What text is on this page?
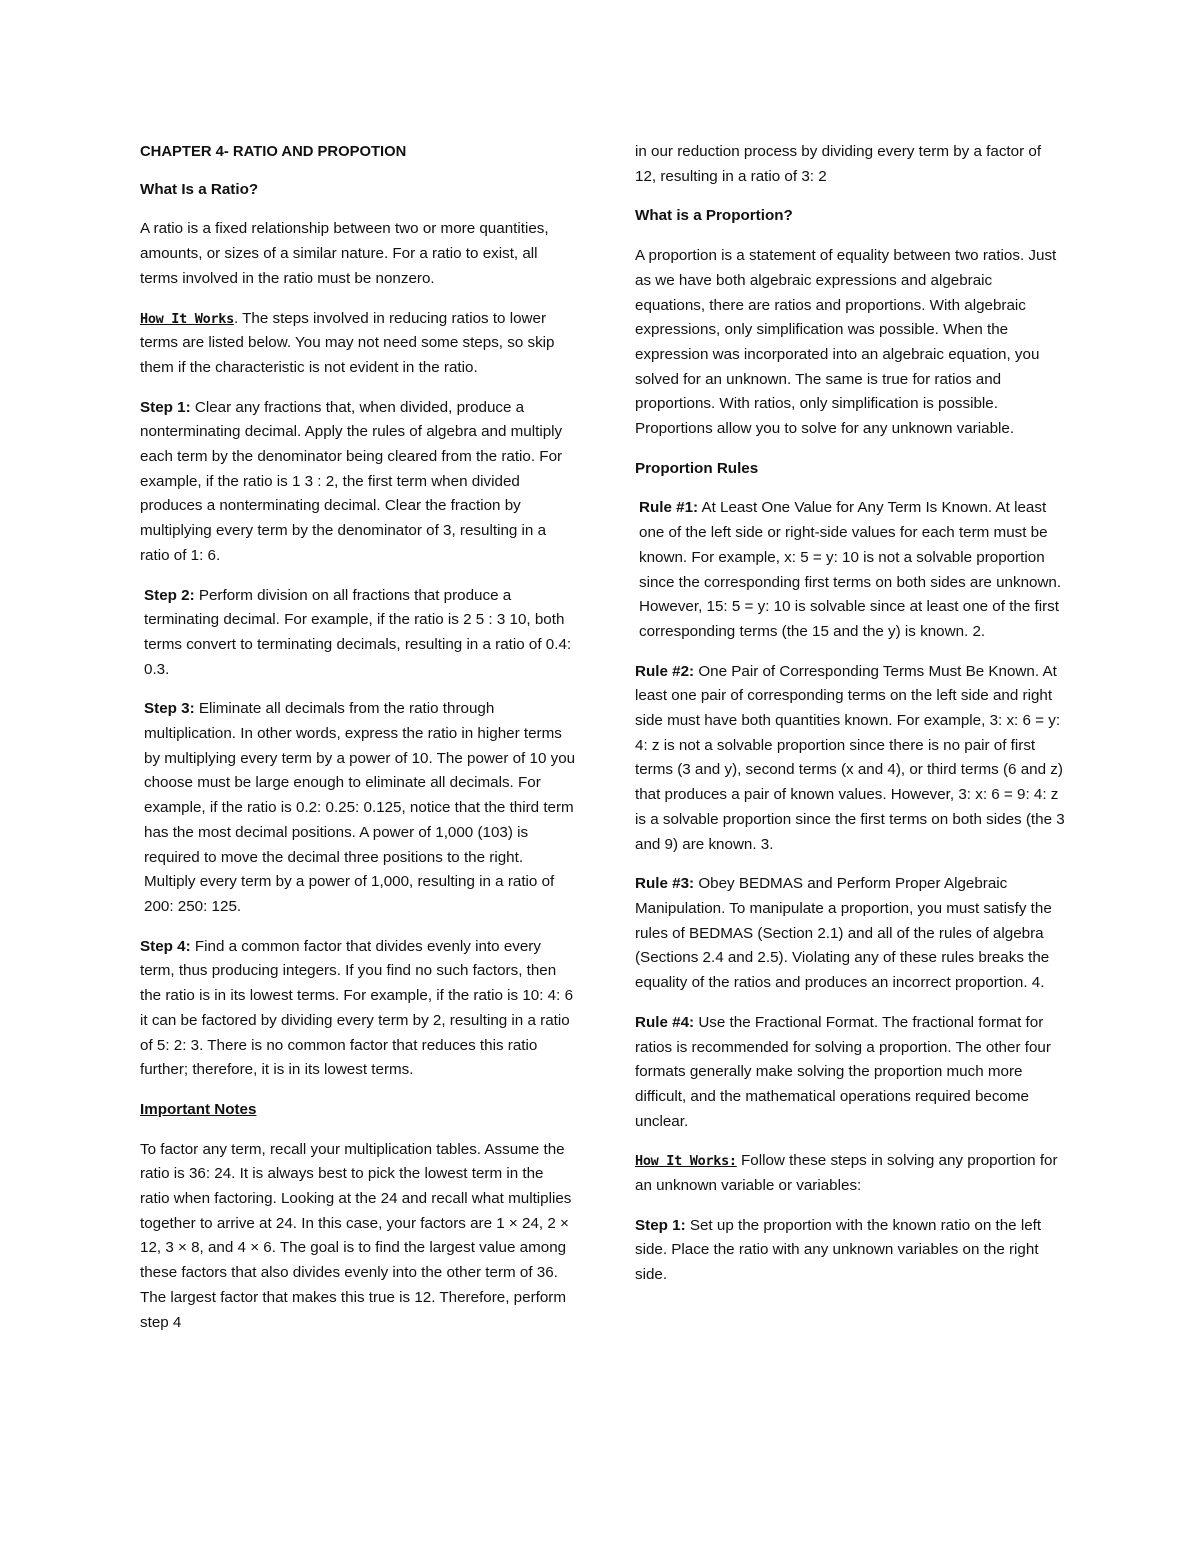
CHAPTER 4- RATIO AND PROPOTION
What Is a Ratio?

A ratio is a fixed relationship between two or more quantities, amounts, or sizes of a similar nature. For a ratio to exist, all terms involved in the ratio must be nonzero.

How It Works. The steps involved in reducing ratios to lower terms are listed below. You may not need some steps, so skip them if the characteristic is not evident in the ratio.

Step 1: Clear any fractions that, when divided, produce a nonterminating decimal. Apply the rules of algebra and multiply each term by the denominator being cleared from the ratio. For example, if the ratio is 1 3 : 2, the first term when divided produces a nonterminating decimal. Clear the fraction by multiplying every term by the denominator of 3, resulting in a ratio of 1: 6.

Step 2: Perform division on all fractions that produce a terminating decimal. For example, if the ratio is 2 5 : 3 10, both terms convert to terminating decimals, resulting in a ratio of 0.4: 0.3.

Step 3: Eliminate all decimals from the ratio through multiplication. In other words, express the ratio in higher terms by multiplying every term by a power of 10. The power of 10 you choose must be large enough to eliminate all decimals. For example, if the ratio is 0.2: 0.25: 0.125, notice that the third term has the most decimal positions. A power of 1,000 (103) is required to move the decimal three positions to the right. Multiply every term by a power of 1,000, resulting in a ratio of 200: 250: 125.

Step 4: Find a common factor that divides evenly into every term, thus producing integers. If you find no such factors, then the ratio is in its lowest terms. For example, if the ratio is 10: 4: 6 it can be factored by dividing every term by 2, resulting in a ratio of 5: 2: 3. There is no common factor that reduces this ratio further; therefore, it is in its lowest terms.

Important Notes

To factor any term, recall your multiplication tables. Assume the ratio is 36: 24. It is always best to pick the lowest term in the ratio when factoring. Looking at the 24 and recall what multiplies together to arrive at 24. In this case, your factors are 1 × 24, 2 × 12, 3 × 8, and 4 × 6. The goal is to find the largest value among these factors that also divides evenly into the other term of 36. The largest factor that makes this true is 12. Therefore, perform step 4

in our reduction process by dividing every term by a factor of 12, resulting in a ratio of 3: 2

What is a Proportion?

A proportion is a statement of equality between two ratios. Just as we have both algebraic expressions and algebraic equations, there are ratios and proportions. With algebraic expressions, only simplification was possible. When the expression was incorporated into an algebraic equation, you solved for an unknown. The same is true for ratios and proportions. With ratios, only simplification is possible. Proportions allow you to solve for any unknown variable.

Proportion Rules

Rule #1: At Least One Value for Any Term Is Known. At least one of the left side or right-side values for each term must be known. For example, x: 5 = y: 10 is not a solvable proportion since the corresponding first terms on both sides are unknown. However, 15: 5 = y: 10 is solvable since at least one of the first corresponding terms (the 15 and the y) is known. 2.

Rule #2: One Pair of Corresponding Terms Must Be Known. At least one pair of corresponding terms on the left side and right side must have both quantities known. For example, 3: x: 6 = y: 4: z is not a solvable proportion since there is no pair of first terms (3 and y), second terms (x and 4), or third terms (6 and z) that produces a pair of known values. However, 3: x: 6 = 9: 4: z is a solvable proportion since the first terms on both sides (the 3 and 9) are known. 3.

Rule #3: Obey BEDMAS and Perform Proper Algebraic Manipulation. To manipulate a proportion, you must satisfy the rules of BEDMAS (Section 2.1) and all of the rules of algebra (Sections 2.4 and 2.5). Violating any of these rules breaks the equality of the ratios and produces an incorrect proportion. 4.

Rule #4: Use the Fractional Format. The fractional format for ratios is recommended for solving a proportion. The other four formats generally make solving the proportion much more difficult, and the mathematical operations required become unclear.

How It Works: Follow these steps in solving any proportion for an unknown variable or variables:

Step 1: Set up the proportion with the known ratio on the left side. Place the ratio with any unknown variables on the right side.
